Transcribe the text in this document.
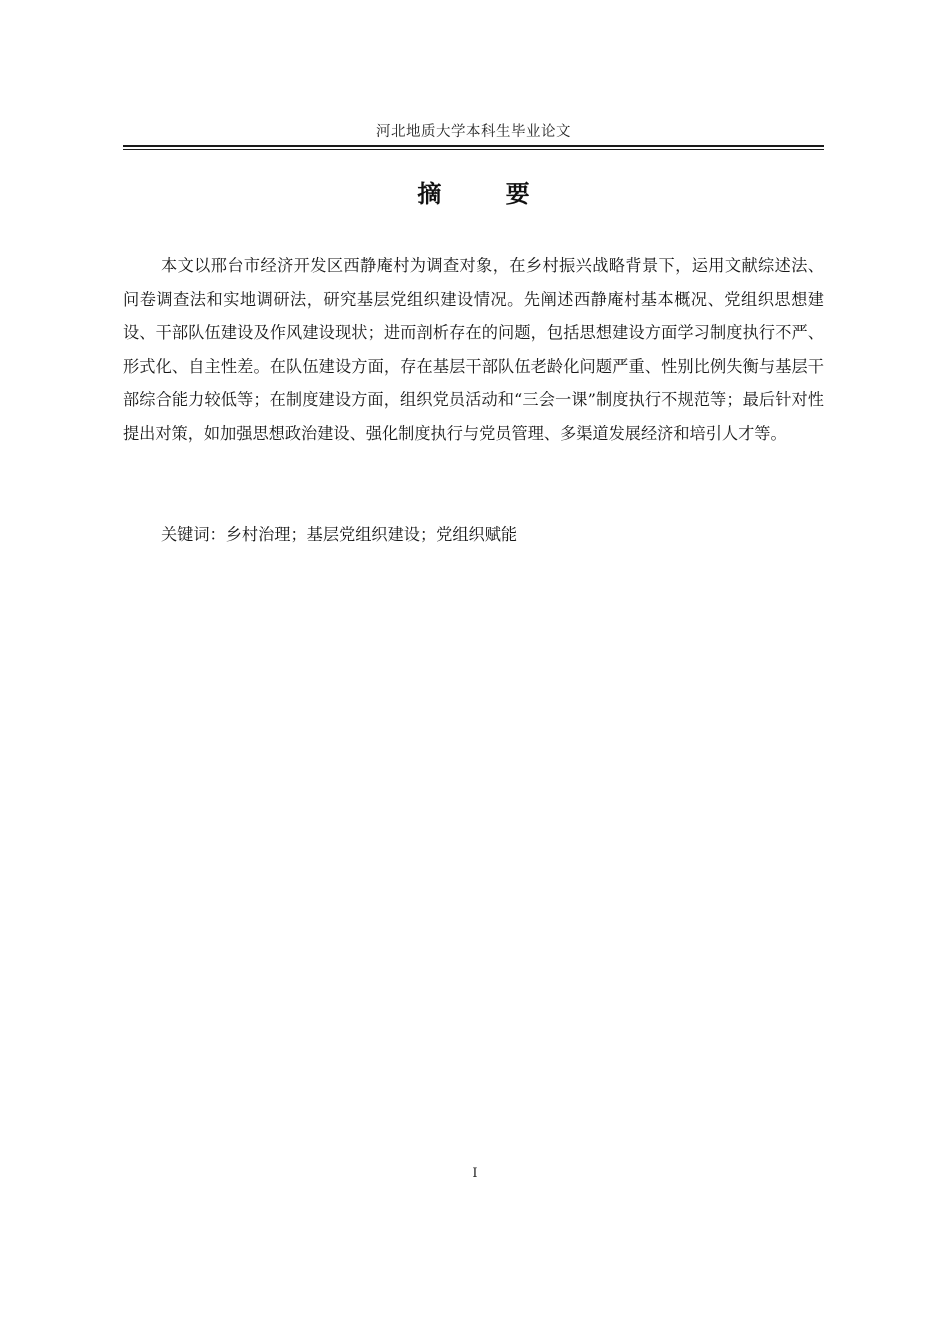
河北地质大学本科生毕业论文
摘 要

本文以邢台市经济开发区西静庵村为调查对象，在乡村振兴战略背景下，运用文献综述法、问卷调查法和实地调研法，研究基层党组织建设情况。先阐述西静庵村基本概况、党组织思想建设、干部队伍建设及作风建设现状；进而剖析存在的问题，包括思想建设方面学习制度执行不严、形式化、自主性差。在队伍建设方面，存在基层干部队伍老龄化问题严重、性别比例失衡与基层干部综合能力较低等；在制度建设方面，组织党员活动和“三会一课”制度执行不规范等；最后针对性提出对策，如加强思想政治建设、强化制度执行与党员管理、多渠道发展经济和培引人才等。

关键词：乡村治理；基层党组织建设；党组织赋能

I
